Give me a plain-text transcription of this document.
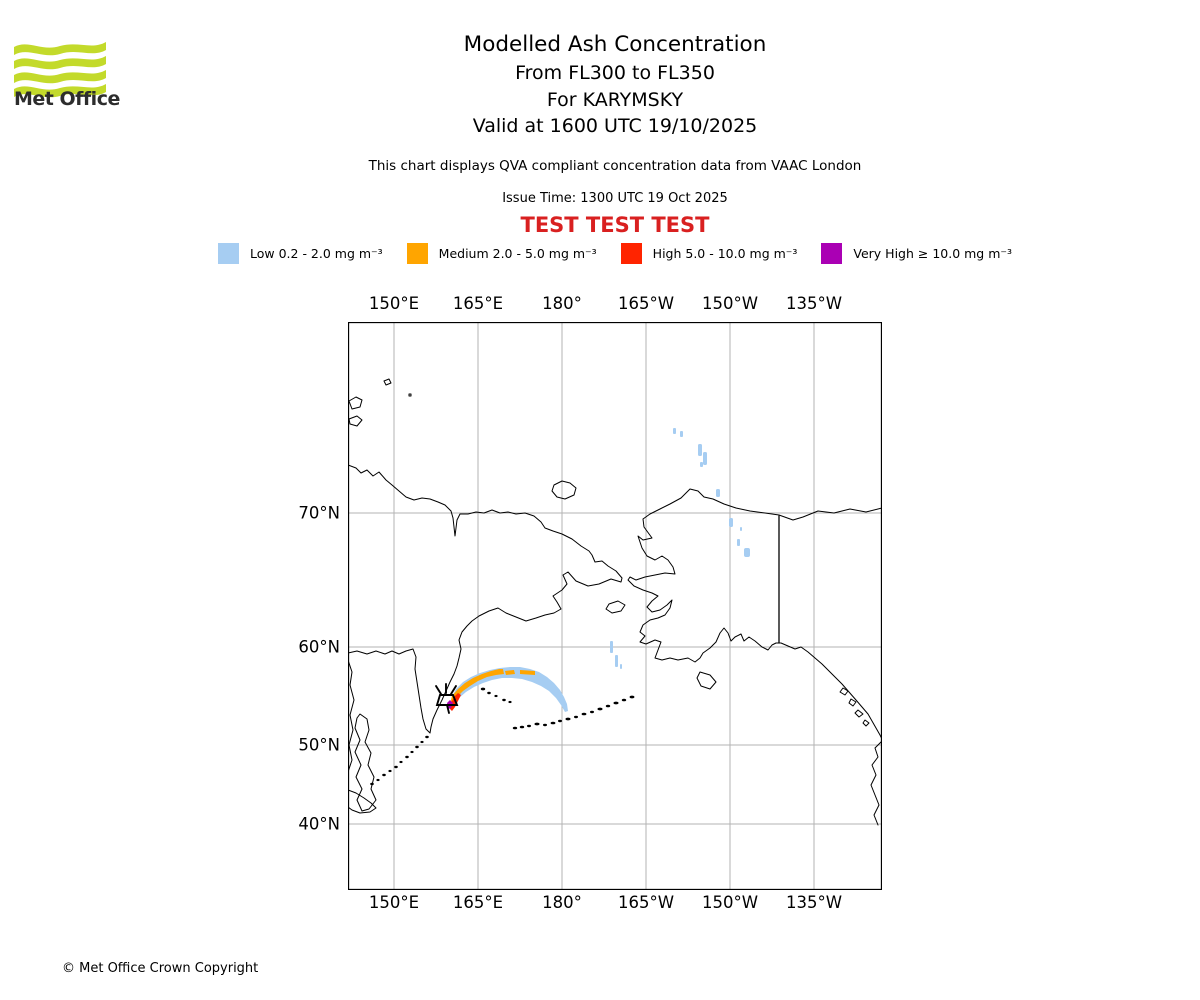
Met Office
Modelled Ash Concentration
From FL300 to FL350
For KARYMSKY
Valid at 1600 UTC 19/10/2025
This chart displays QVA compliant concentration data from VAAC London
Issue Time: 1300 UTC 19 Oct 2025
TEST TEST TEST
Low 0.2 - 2.0 mg m⁻³	Medium 2.0 - 5.0 mg m⁻³	High 5.0 - 10.0 mg m⁻³	Very High ≥ 10.0 mg m⁻³
150°E 165°E 180° 165°W 150°W 135°W
150°E 165°E 180° 165°W 150°W 135°W
70°N
60°N
50°N
40°N
© Met Office Crown Copyright
